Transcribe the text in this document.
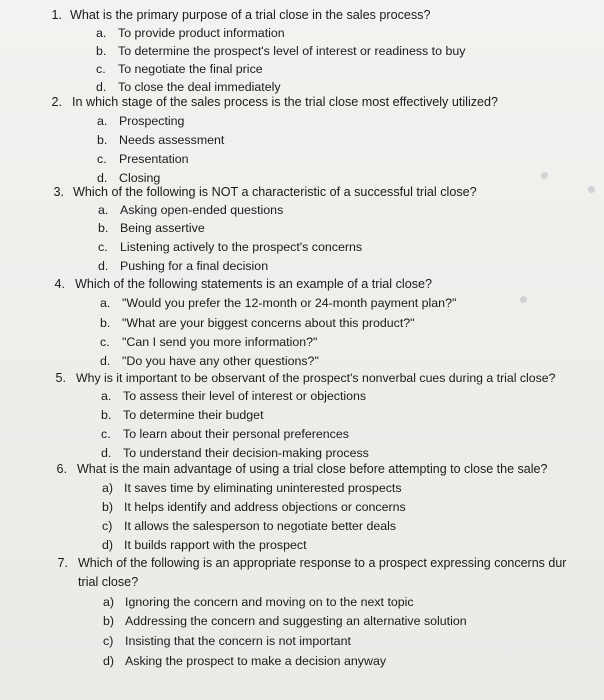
1. What is the primary purpose of a trial close in the sales process?
a. To provide product information
b. To determine the prospect's level of interest or readiness to buy
c. To negotiate the final price
d. To close the deal immediately
2. In which stage of the sales process is the trial close most effectively utilized?
a. Prospecting
b. Needs assessment
c. Presentation
d. Closing
3. Which of the following is NOT a characteristic of a successful trial close?
a. Asking open-ended questions
b. Being assertive
c. Listening actively to the prospect's concerns
d. Pushing for a final decision
4. Which of the following statements is an example of a trial close?
a. "Would you prefer the 12-month or 24-month payment plan?"
b. "What are your biggest concerns about this product?"
c. "Can I send you more information?"
d. "Do you have any other questions?"
5. Why is it important to be observant of the prospect's nonverbal cues during a trial close?
a. To assess their level of interest or objections
b. To determine their budget
c. To learn about their personal preferences
d. To understand their decision-making process
6. What is the main advantage of using a trial close before attempting to close the sale?
a) It saves time by eliminating uninterested prospects
b) It helps identify and address objections or concerns
c) It allows the salesperson to negotiate better deals
d) It builds rapport with the prospect
7. Which of the following is an appropriate response to a prospect expressing concerns dur
trial close?
a) Ignoring the concern and moving on to the next topic
b) Addressing the concern and suggesting an alternative solution
c) Insisting that the concern is not important
d) Asking the prospect to make a decision anyway
